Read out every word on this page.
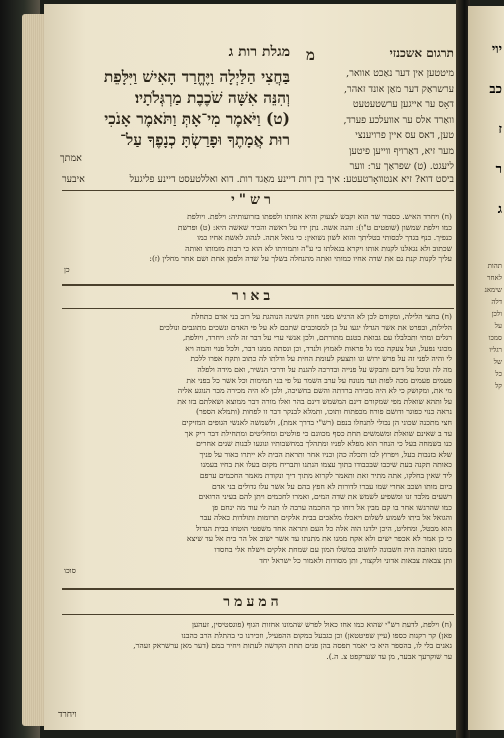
מגלת רות ג	תרגום אשכנזי
מ
בַּחֲצִי הַלַּיְלָה וַיֶּחֱרַד הָאִישׁ וַיִּלָּפֵת
וְהִנֵּה אִשָּׁה שֹׁכֶבֶת מַרְגְּלֹתָיו׃
(ט) וַיֹּאמֶר מִי־אָתְּ וַתֹּאמֶר אָנֹכִי
רוּת אֲמָתֶךָ וּפָרַשְׂתָּ כְנָפֶךָ עַל־
אמתך
מיטטען אין דער נאַכט אוואר,
ערשראַק דער מאַן אונד זאהר,
דאָס ער אייגען ערשטעטעט
וואַרד אלס ער אוועלכע פערד,
טען, דאס עס איין פרויענצי
מער זיא, דאַרויף ווייען פיטען
ליעגט. (ט) שפראַך ער: ווער
ביסט דוא? זיא אנטוואָרטעטע: איך בין רות דיינע מאַגד רות. דוא ואללטעסט דיינע פליגעל
איבער
רש"י
(ח) ויחרד האיש. כסבור שד הוא וקבש לצעוק והיא אחזתו ולפפתו בזרועותיה: וילפת. ויולפת
כמו וילפת שמשון (שופטים ט"ו): והנה אשה. נתן ידו על ראשה והכיר שאשה היא: (ט) ופרשת
כנפיך. כנף בגדך לכסותי בטליתך והוא לשון נשואין: כי גואל אתה. לנהוג לאשת אחיו כמו
שכתוב ולא נגאלנו לקנות אותו ויקרא בגאלתו כי ע"ה ותמורתו לא הוא כי רבות מזמותו ואותה
עליך לקנות קנת גם את שדה אחיו כמותי ואתה מהנחלה בשלך על שדה ולפסן אחת ושם אחר מחלין (ז):
כן
באור
(ח) בחצי הלילה, ומקודם לכן לא הרגיש מפני חוזק השינה הנוהגת על רוב בני אדם כתחלת
הלילות, ובפרט את אשר הגדלו יגעו על כן למסוכבים שתכם לא על פי האדם ונשכים מתוגבים ונולכים
רגלים ומתי ותבלבלו עם גבואת בטנם מתורתם, ולכן אנשי ערי על דבר זה להו: ויחרד, ויולפת,
מכוני נפעל, ועל צעקה כמו גל פראות לאמוץ ולנדד, וכן ונסתה ממנו דבר, ולכל פנוי והמה ויא
לי והיה לפני זה על פרש ירוש וגו ותצעק לעומת החית על ודלתו לה כתוב ותקח אפרו ללכת
מה לה ונוכל על דינם ותבקש על פנייה ובדרכה להגנת על ודרכי הנשיר, ואם מידה ולפלה
פעמים פעמים מכה לפות ועד מנונח על ערב השמר על פי בני תמימות וכל אשר כל בפני את
מי את, ומקושק כי לא היה מכירה ברדתה והשם בחשיכה, ולכן לא היה מכירה מכר הנוגע אליה
על ותהא שואלת מפי שמקורם דינם המשמש דינם בהר ואלו מורה דבר ממוצא ושאלתם בזו את
נראה כנוי כפוגר ודושם פורח מכפתוח ותוכו, ותמלא לבנקר דבר זו לפחות (ותמלא הספר)
חצי מתכנה שכוני הן נבולי לתנחלו בנפם (רש"י בדרך אמת), ולשמשה לאנשי הגופים המזיקים
עד ב שאינם שואלת ומשמשים תחת כסף מכוונם כי פולטים ומחליטים ומתחילת דבר ריק אך
כנו בשמחה בעל כי הנחר הוא מפלא לפניו ומתהלך במחשבותיו ונוגעו לבנות שנים אחרים
שלא בזנבות בעל, ויפרוץ לבו ותכלה כהן וכניו אחר ותראת הבית לא ייתרו כאור על פניך
כאותה תקנה בעת שיכבו שבכבודו בתוך עצמו הנתנו ותבריח מקום בעלו את בחיו בעמנו
ליד שאין בחלקו, אתה מתיר זאת ותאמר לקרוא מתוך דיך ונקודת מאמר החכמים ערפם
ביום מותו ושכב אחרי שמו עברו לדורות לא חפץ בהם על אשר עלו גדולים בני אדם
רשעים מלבד זנו ומשפיע לשמש את שדה המים, ואמרו לחכמים ויתן להם בעיני הרואים
כמו שהרגשו אחר בו קם מבין אל רוחו כך החכמה ערבה לו תנה לי עוד מה ינחם פן
והגואל אל ביתו לשמוע לשלום ויאכלו מלאכים בבית אלקים תרומות ותולדות כאלה עבר
הוא מבטל, ומחליט, היכן ילדנו הוה אלה כל העם ותראה אחד משפטי הוטחו בבית הגדול
כי כן אמר לא אכפר ישים ולא אקח ממנו את מתנתו עד אשר ישוב אל הר בית אל עד שיצא
ממנו ואהבה היה חשבונה לחשוב במשלו המון עם שמחת אלקים וישלח אלי בחסדו
ותן צבאות צבאות אדוני ולקצור, ותן מסודות ולאמור כל ישראל יחד
סוכו
המעמר
(ח) וילפת, לדעת רש"י שהוא כמו אחז כאול לפרש שהמונו אחזות הגוף (פוגסטיסין, זעהען
פאן) קר רקנות כספו (עיין שפיטטאן) וכן כגבעל במקום ההפעיל, וזכירנו כי בהתלת הרב כהבנו
גאנים בלי לו, בהספר היא כי יאמר תפסה בהן פנים תחת הקדשה לעתות ויחיר במם (דער מאן ערשראק זעהר,
ער שוקרעך אבער, מן עד שערקפט צ. ה.).
ויחרד
יוי
כב
ז
ר
ג
תהות
לאחר
שימאנ
דלה
ולכן
על
סמכו
רגליו
של
כל
קל
